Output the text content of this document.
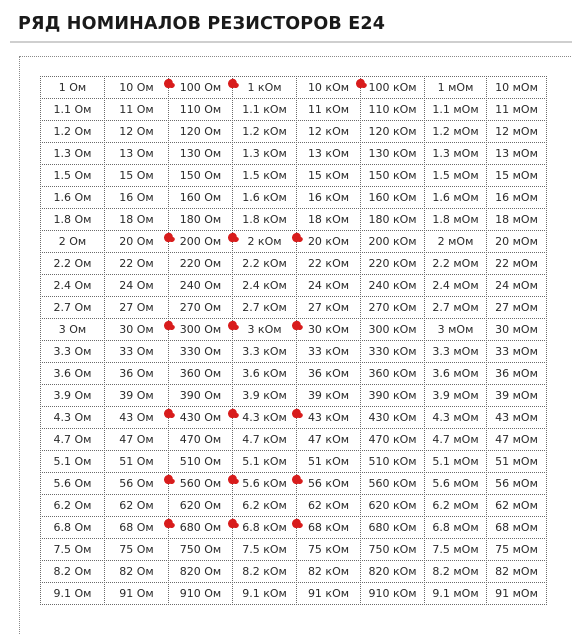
РЯД НОМИНАЛОВ РЕЗИСТОРОВ Е24
1 Ом	10 Ом	100 Ом	1 кОм	10 кОм	100 кОм	1 мОм	10 мОм
1.1 Ом	11 Ом	110 Ом	1.1 кОм	11 кОм	110 кОм	1.1 мОм	11 мОм
1.2 Ом	12 Ом	120 Ом	1.2 кОм	12 кОм	120 кОм	1.2 мОм	12 мОм
1.3 Ом	13 Ом	130 Ом	1.3 кОм	13 кОм	130 кОм	1.3 мОм	13 мОм
1.5 Ом	15 Ом	150 Ом	1.5 кОм	15 кОм	150 кОм	1.5 мОм	15 мОм
1.6 Ом	16 Ом	160 Ом	1.6 кОм	16 кОм	160 кОм	1.6 мОм	16 мОм
1.8 Ом	18 Ом	180 Ом	1.8 кОм	18 кОм	180 кОм	1.8 мОм	18 мОм
2 Ом	20 Ом	200 Ом	2 кОм	20 кОм	200 кОм	2 мОм	20 мОм
2.2 Ом	22 Ом	220 Ом	2.2 кОм	22 кОм	220 кОм	2.2 мОм	22 мОм
2.4 Ом	24 Ом	240 Ом	2.4 кОм	24 кОм	240 кОм	2.4 мОм	24 мОм
2.7 Ом	27 Ом	270 Ом	2.7 кОм	27 кОм	270 кОм	2.7 мОм	27 мОм
3 Ом	30 Ом	300 Ом	3 кОм	30 кОм	300 кОм	3 мОм	30 мОм
3.3 Ом	33 Ом	330 Ом	3.3 кОм	33 кОм	330 кОм	3.3 мОм	33 мОм
3.6 Ом	36 Ом	360 Ом	3.6 кОм	36 кОм	360 кОм	3.6 мОм	36 мОм
3.9 Ом	39 Ом	390 Ом	3.9 кОм	39 кОм	390 кОм	3.9 мОм	39 мОм
4.3 Ом	43 Ом	430 Ом	4.3 кОм	43 кОм	430 кОм	4.3 мОм	43 мОм
4.7 Ом	47 Ом	470 Ом	4.7 кОм	47 кОм	470 кОм	4.7 мОм	47 мОм
5.1 Ом	51 Ом	510 Ом	5.1 кОм	51 кОм	510 кОм	5.1 мОм	51 мОм
5.6 Ом	56 Ом	560 Ом	5.6 кОм	56 кОм	560 кОм	5.6 мОм	56 мОм
6.2 Ом	62 Ом	620 Ом	6.2 кОм	62 кОм	620 кОм	6.2 мОм	62 мОм
6.8 Ом	68 Ом	680 Ом	6.8 кОм	68 кОм	680 кОм	6.8 мОм	68 мОм
7.5 Ом	75 Ом	750 Ом	7.5 кОм	75 кОм	750 кОм	7.5 мОм	75 мОм
8.2 Ом	82 Ом	820 Ом	8.2 кОм	82 кОм	820 кОм	8.2 мОм	82 мОм
9.1 Ом	91 Ом	910 Ом	9.1 кОм	91 кОм	910 кОм	9.1 мОм	91 мОм
